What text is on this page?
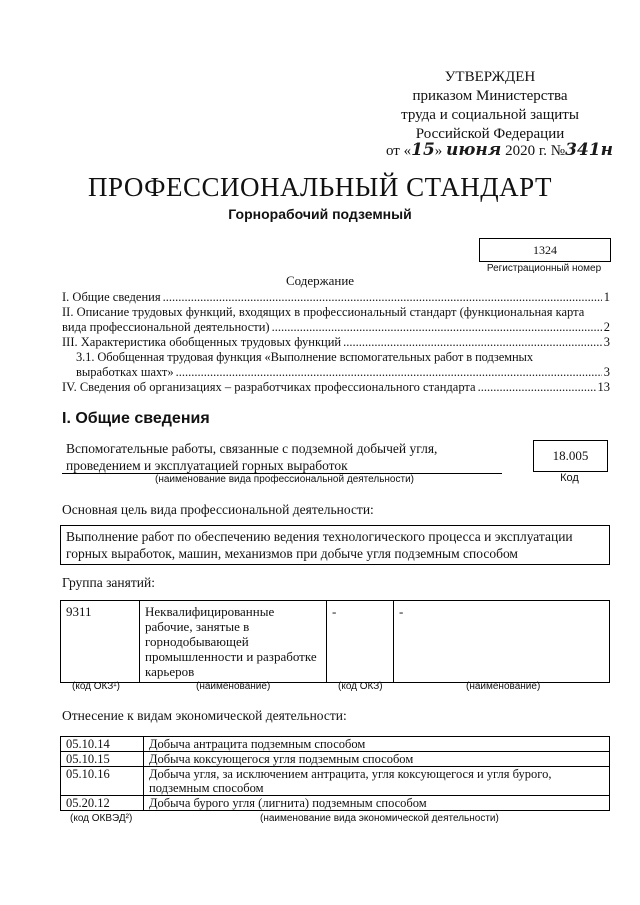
УТВЕРЖДЕН
приказом Министерства
труда и социальной защиты
Российской Федерации
от «15» июня 2020 г. №341н
ПРОФЕССИОНАЛЬНЫЙ СТАНДАРТ
Горнорабочий подземный
1324
Регистрационный номер
Содержание
I. Общие сведения .....	1
II. Описание трудовых функций, входящих в профессиональный стандарт (функциональная карта
вида профессиональной деятельности) .....	2
III. Характеристика обобщенных трудовых функций .....	3
3.1. Обобщенная трудовая функция «Выполнение вспомогательных работ в подземных
выработках шахт» .....	3
IV. Сведения об организациях – разработчиках профессионального стандарта .....	13
I. Общие сведения
Вспомогательные работы, связанные с подземной добычей угля,
проведением и эксплуатацией горных выработок
(наименование вида профессиональной деятельности)
18.005
Код
Основная цель вида профессиональной деятельности:
Выполнение работ по обеспечению ведения технологического процесса и эксплуатации горных выработок, машин, механизмов при добыче угля подземным способом
Группа занятий:
9311	Неквалифицированные рабочие, занятые в горнодобывающей промышленности и разработке карьеров	-	-
(код ОКЗ¹)	(наименование)	(код ОКЗ)	(наименование)
Отнесение к видам экономической деятельности:
05.10.14	Добыча антрацита подземным способом
05.10.15	Добыча коксующегося угля подземным способом
05.10.16	Добыча угля, за исключением антрацита, угля коксующегося и угля бурого, подземным способом
05.20.12	Добыча бурого угля (лигнита) подземным способом
(код ОКВЭД²)	(наименование вида экономической деятельности)
